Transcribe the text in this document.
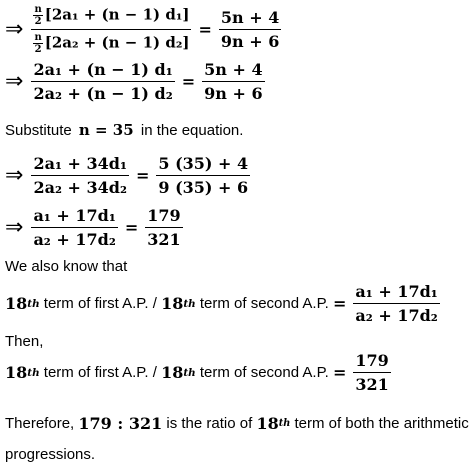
⇒ $\frac{\frac{n}{2} [2a_1 + (n - 1) d_1]}{\frac{n}{2} [2a_2 + (n - 1) d_2]} = \frac{5n + 4}{9n + 6}$
⇒ $\frac{\text{2a₁ + (n − 1) d₁}}{\text{2a₂ + (n − 1) d₂}} = \frac{5n + 4}{9n + 6}$
Substitute n = 35 in the equation.
⇒ $\frac{\text{2a₁ + 34d₁}}{\text{2a₂ + 34d₂}} = \frac{5 (35) + 4}{9 (35) + 6}$
⇒ $\frac{\text{a₁ + 17d₁}}{\text{a₂ + 17d₂}} = \frac{179}{321}$
We also know that
18 th term of first A.P. / 18 th term of second A.P. = $\frac{\text{a₁ + 17d₁}}{\text{a₂ + 17d₂}}$
Then,
18 th term of first A.P. / 18 th term of second A.P. = $\frac{179}{321}$
Therefore, 179 : 321 is the ratio of 18 th term of both the arithmetic
progressions.
